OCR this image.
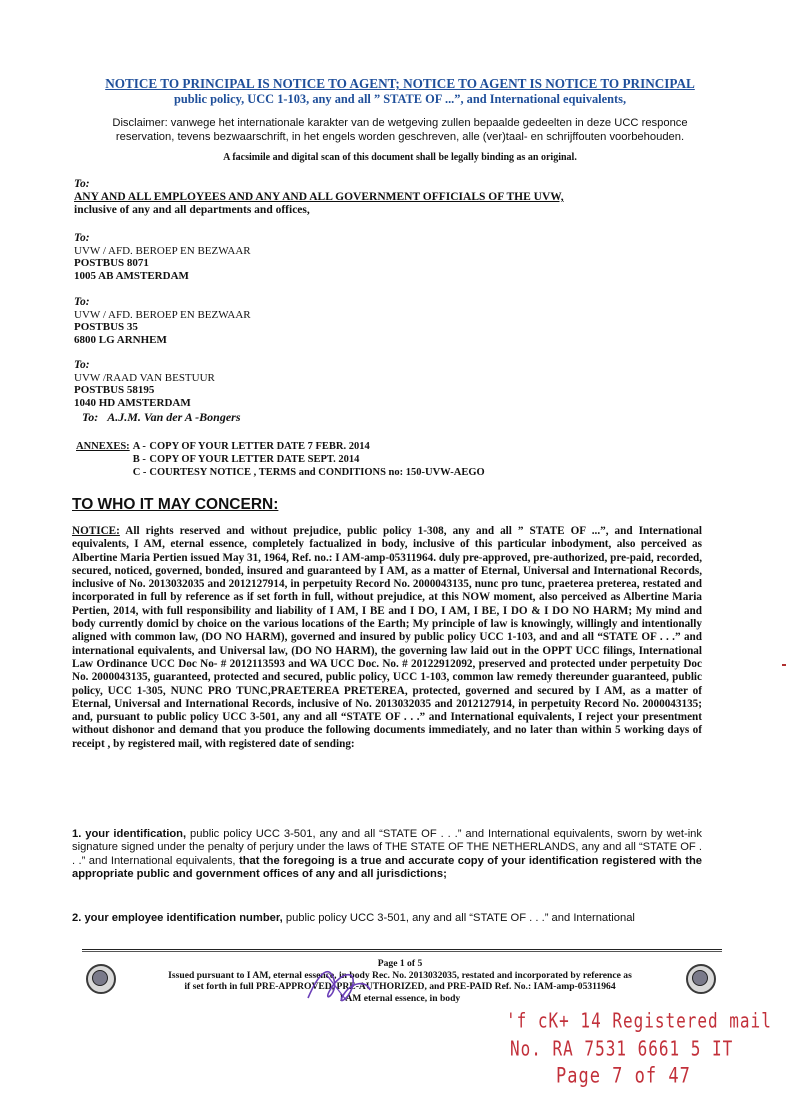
NOTICE TO PRINCIPAL IS NOTICE TO AGENT; NOTICE TO AGENT IS NOTICE TO PRINCIPAL
public policy, UCC 1-103, any and all ” STATE OF ...”, and International equivalents,
Disclaimer: vanwege het internationale karakter van de wetgeving zullen bepaalde gedeelten in deze UCC responce
reservation, tevens bezwaarschrift, in het engels worden geschreven, alle (ver)taal- en schrijffouten voorbehouden.
A facsimile and digital scan of this document shall be legally binding as an original.
To:
ANY AND ALL EMPLOYEES AND ANY AND ALL GOVERNMENT OFFICIALS OF THE UVW,
inclusive of any and all departments and offices,
To:
UVW / AFD. BEROEP EN BEZWAAR
POSTBUS 8071
1005 AB AMSTERDAM
To:
UVW / AFD. BEROEP EN BEZWAAR
POSTBUS 35
6800 LG ARNHEM
To:
UVW /RAAD VAN BESTUUR
POSTBUS 58195
1040 HD AMSTERDAM
To: A.J.M. Van der A -Bongers
ANNEXES:	A -	COPY OF YOUR LETTER DATE 7 FEBR. 2014
	B -	COPY OF YOUR LETTER DATE SEPT. 2014
	C -	COURTESY NOTICE , TERMS and CONDITIONS no: 150-UVW-AEGO
TO WHO IT MAY CONCERN:
NOTICE: All rights reserved and without prejudice, public policy 1-308, any and all ” STATE OF ...”, and International equivalents, I AM, eternal essence, completely factualized in body, inclusive of this particular inbodyment, also perceived as Albertine Maria Pertien issued May 31, 1964, Ref. no.: I AM-amp-05311964. duly pre-approved, pre-authorized, pre-paid, recorded, secured, noticed, governed, bonded, insured and guaranteed by I AM, as a matter of Eternal, Universal and International Records, inclusive of No. 2013032035 and 2012127914, in perpetuity Record No. 2000043135, nunc pro tunc, praeterea preterea, restated and incorporated in full by reference as if set forth in full, without prejudice, at this NOW moment, also perceived as Albertine Maria Pertien, 2014, with full responsibility and liability of I AM, I BE and I DO, I AM, I BE, I DO & I DO NO HARM; My mind and body currently domicl by choice on the various locations of the Earth; My principle of law is knowingly, willingly and intentionally aligned with common law, (DO NO HARM), governed and insured by public policy UCC 1-103, and and all “STATE OF . . .” and international equivalents, and Universal law, (DO NO HARM), the governing law laid out in the OPPT UCC filings, International Law Ordinance UCC Doc No- # 2012113593 and WA UCC Doc. No. # 20122912092, preserved and protected under perpetuity Doc No. 2000043135, guaranteed, protected and secured, public policy, UCC 1-103, common law remedy thereunder guaranteed, public policy, UCC 1-305, NUNC PRO TUNC,PRAETEREA PRETEREA, protected, governed and secured by I AM, as a matter of Eternal, Universal and International Records, inclusive of No. 2013032035 and 2012127914, in perpetuity Record No. 2000043135; and, pursuant to public policy UCC 3-501, any and all “STATE OF . . .” and International equivalents, I reject your presentment without dishonor and demand that you produce the following documents immediately, and no later than within 5 working days of receipt , by registered mail, with registered date of sending:
1. your identification, public policy UCC 3-501, any and all “STATE OF . . .” and International equivalents, sworn by wet-ink signature signed under the penalty of perjury under the laws of THE STATE OF THE NETHERLANDS, any and all “STATE OF . . .” and International equivalents, that the foregoing is a true and accurate copy of your identification registered with the appropriate public and government offices of any and all jurisdictions;
2. your employee identification number, public policy UCC 3-501, any and all “STATE OF . . .” and International
Page 1 of 5
Issued pursuant to I AM, eternal essence, in body Rec. No. 2013032035, restated and incorporated by reference as
if set forth in full PRE-APPROVED, PRE-AUTHORIZED, and PRE-PAID Ref. No.: IAM-amp-05311964
I AM eternal essence, in body
'f cK+ 14 Registered mail
No. RA 7531 6661 5 IT
Page 7 of 47
